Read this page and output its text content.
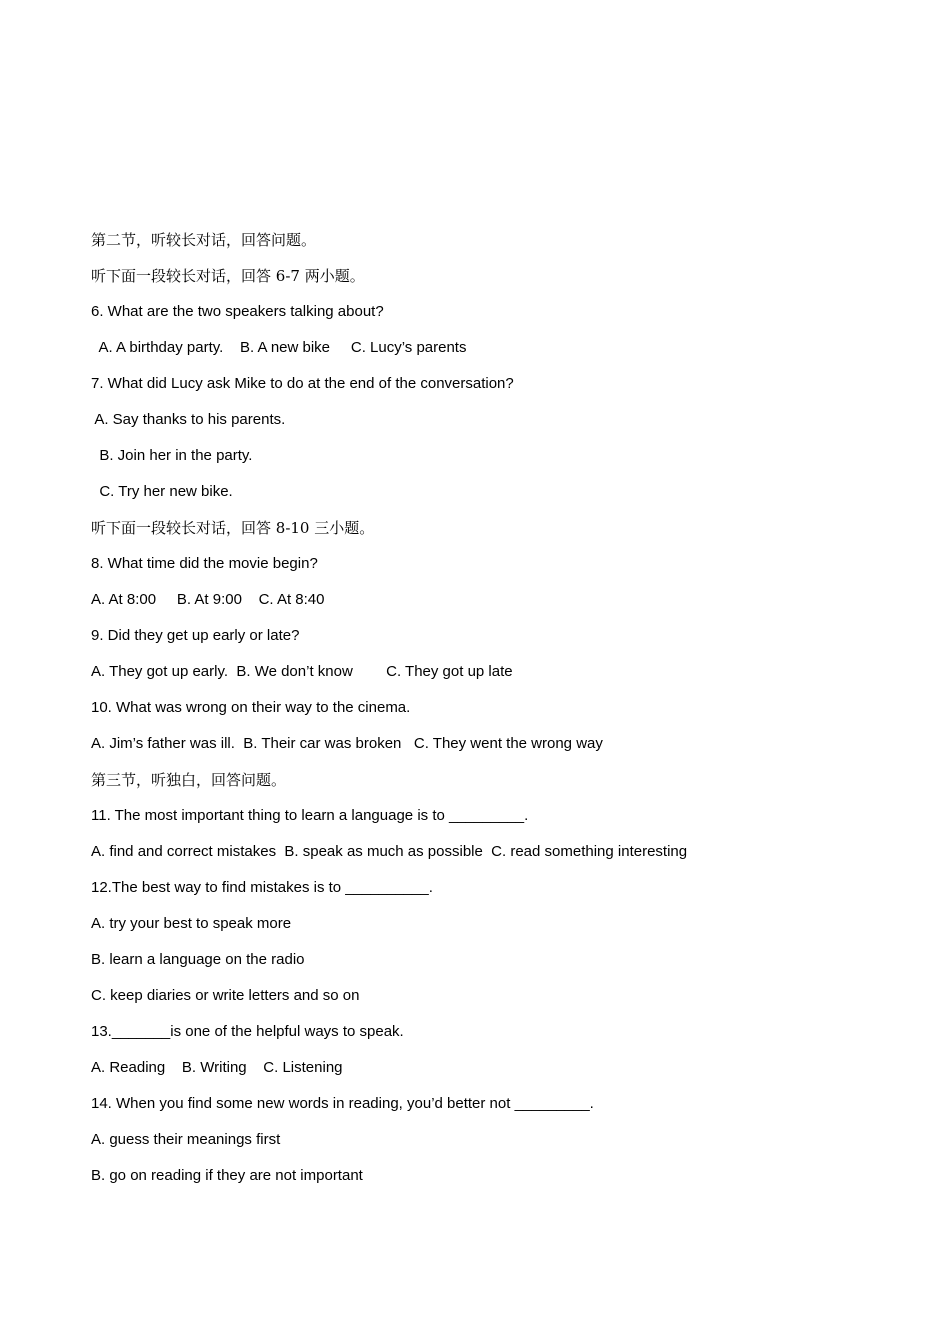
第二节，听较长对话，回答问题。
听下面一段较长对话，回答 6-7 两小题。
6. What are the two speakers talking about?
A. A birthday party.    B. A new bike     C. Lucy’s parents
7. What did Lucy ask Mike to do at the end of the conversation?
A. Say thanks to his parents.
B. Join her in the party.
C. Try her new bike.
听下面一段较长对话，回答 8-10 三小题。
8. What time did the movie begin?
A. At 8:00     B. At 9:00    C. At 8:40
9. Did they get up early or late?
A. They got up early.  B. We don’t know        C. They got up late
10. What was wrong on their way to the cinema.
A. Jim’s father was ill.  B. Their car was broken   C. They went the wrong way
第三节，听独白，回答问题。
11. The most important thing to learn a language is to _________.
A. find and correct mistakes  B. speak as much as possible  C. read something interesting
12.The best way to find mistakes is to __________.
A. try your best to speak more
B. learn a language on the radio
C. keep diaries or write letters and so on
13._______is one of the helpful ways to speak.
A. Reading    B. Writing    C. Listening
14. When you find some new words in reading, you’d better not _________.
A. guess their meanings first
B. go on reading if they are not important
